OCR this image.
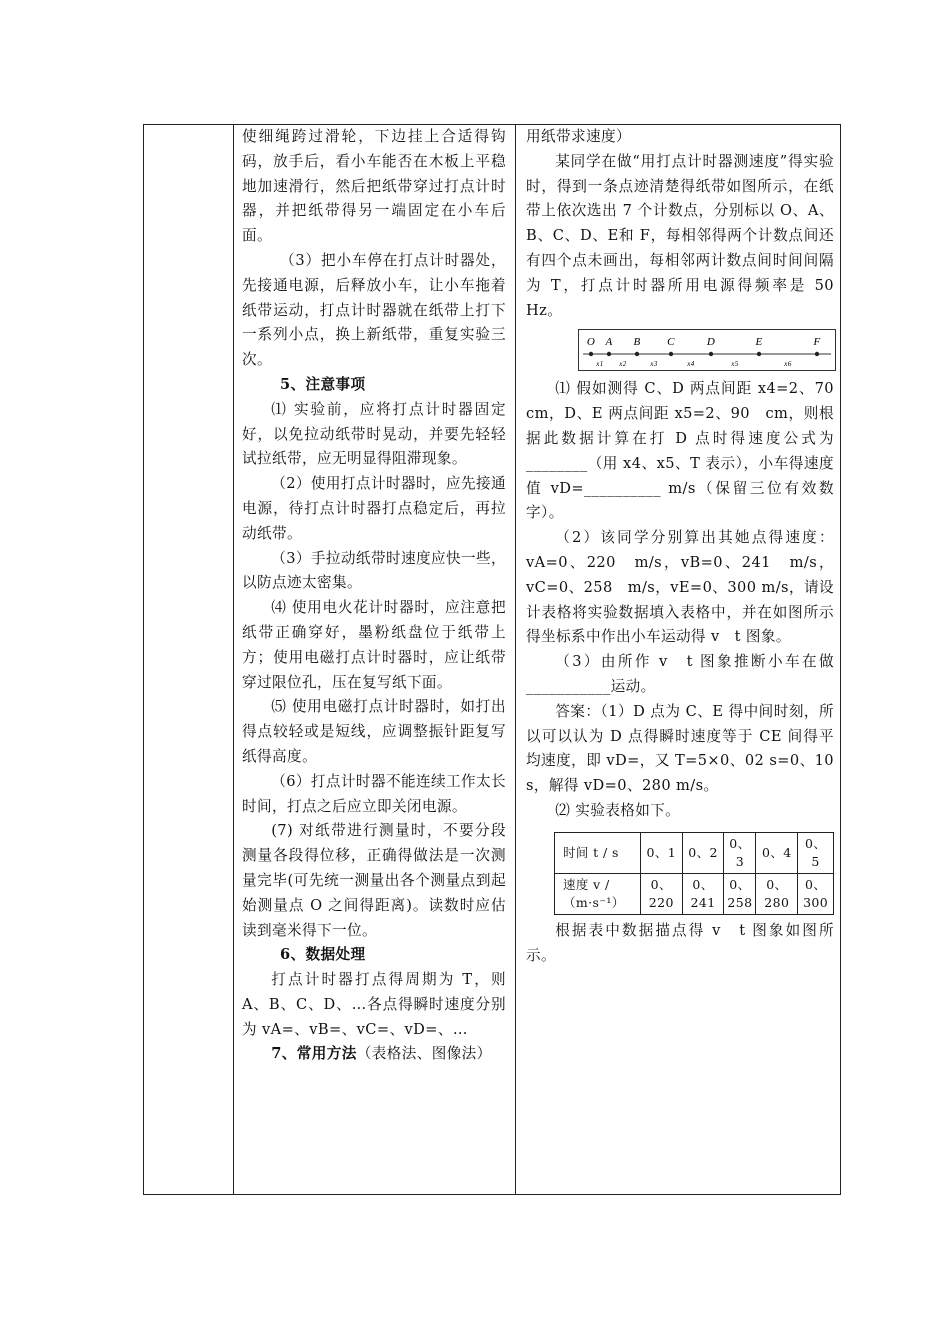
使细绳跨过滑轮，下边挂上合适得钩码，放手后，看小车能否在木板上平稳地加速滑行，然后把纸带穿过打点计时器，并把纸带得另一端固定在小车后面。

（3）把小车停在打点计时器处，先接通电源，后释放小车，让小车拖着纸带运动，打点计时器就在纸带上打下一系列小点，换上新纸带，重复实验三次。

5、注意事项

⑴ 实验前，应将打点计时器固定好，以免拉动纸带时晃动，并要先轻轻试拉纸带，应无明显得阻滞现象。

（2）使用打点计时器时，应先接通电源，待打点计时器打点稳定后，再拉动纸带。

（3）手拉动纸带时速度应快一些，以防点迹太密集。

⑷ 使用电火花计时器时，应注意把纸带正确穿好，墨粉纸盘位于纸带上方；使用电磁打点计时器时，应让纸带穿过限位孔，压在复写纸下面。

⑸ 使用电磁打点计时器时，如打出得点较轻或是短线，应调整振针距复写纸得高度。

（6）打点计时器不能连续工作太长时间，打点之后应立即关闭电源。

(7) 对纸带进行测量时，不要分段测量各段得位移，正确得做法是一次测量完毕(可先统一测量出各个测量点到起始测量点 O 之间得距离)。读数时应估读到毫米得下一位。

6、数据处理

打点计时器打点得周期为 T，则 A、B、C、D、…各点得瞬时速度分别为 vA=、vB=、vC=、vD=、…

7、常用方法（表格法、图像法）

用纸带求速度）

某同学在做“用打点计时器测速度”得实验时，得到一条点迹清楚得纸带如图所示，在纸带上依次选出 7 个计数点，分别标以 O、A、B、C、D、E和 F，每相邻得两个计数点间还有四个点未画出，每相邻两计数点间时间间隔为 T，打点计时器所用电源得频率是 50　Hz。

O A B C	D	E	F
x1 x2	x3	x4	x5	x6

⑴ 假如测得 C、D 两点间距 x4=2、70　cm，D、E 两点间距 x5=2、90　cm，则根据此数据计算在打 D 点时得速度公式为________（用 x4、x5、T 表示），小车得速度值 vD=__________ m/s（保留三位有效数字）。

（2）该同学分别算出其她点得速度：vA=0、220　m/s，vB=0、241　m/s，vC=0、258　m/s，vE=0、300 m/s，请设计表格将实验数据填入表格中，并在如图所示得坐标系中作出小车运动得 v　t 图象。

（3）由所作 v　t 图象推断小车在做___________运动。

答案：（1）D 点为 C、E 得中间时刻，所以可以认为 D 点得瞬时速度等于 CE 间得平均速度，即 vD=，又 T=5×0、02 s=0、10 s，解得 vD=0、280 m/s。

⑵ 实验表格如下。

时间 t / s	0、1	0、2	0、3	0、4	0、5
速度 v /（m·s⁻¹）	0、220	0、241	0、258	0、280	0、300

根据表中数据描点得 v　t 图象如图所示。
